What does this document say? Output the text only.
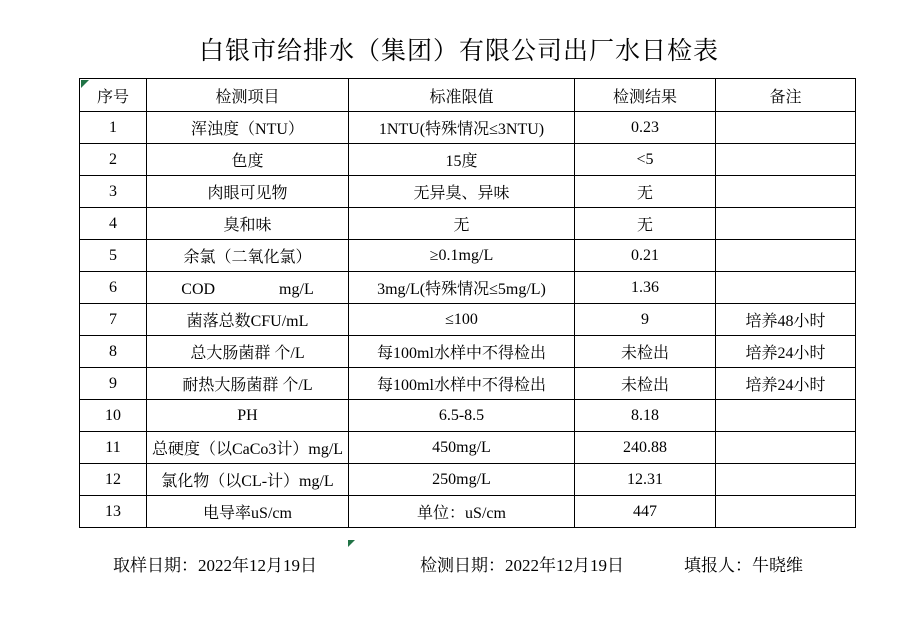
白银市给排水（集团）有限公司出厂水日检表
序号	检测项目	标准限值	检测结果	备注
1	浑浊度（NTU）	1NTU(特殊情况≤3NTU)	0.23	
2	色度	15度	<5	
3	肉眼可见物	无异臭、异味	无	
4	臭和味	无	无	
5	余氯（二氧化氯）	≥0.1mg/L	0.21	
6	COD　　　　mg/L	3mg/L(特殊情况≤5mg/L)	1.36	
7	菌落总数CFU/mL	≤100	9	培养48小时
8	总大肠菌群 个/L	每100ml水样中不得检出	未检出	培养24小时
9	耐热大肠菌群 个/L	每100ml水样中不得检出	未检出	培养24小时
10	PH	6.5-8.5	8.18	
11	总硬度（以CaCo3计）mg/L	450mg/L	240.88	
12	氯化物（以CL-计）mg/L	250mg/L	12.31	
13	电导率uS/cm	单位：uS/cm	447	
取样日期：2022年12月19日	检测日期：2022年12月19日	填报人：牛晓维
